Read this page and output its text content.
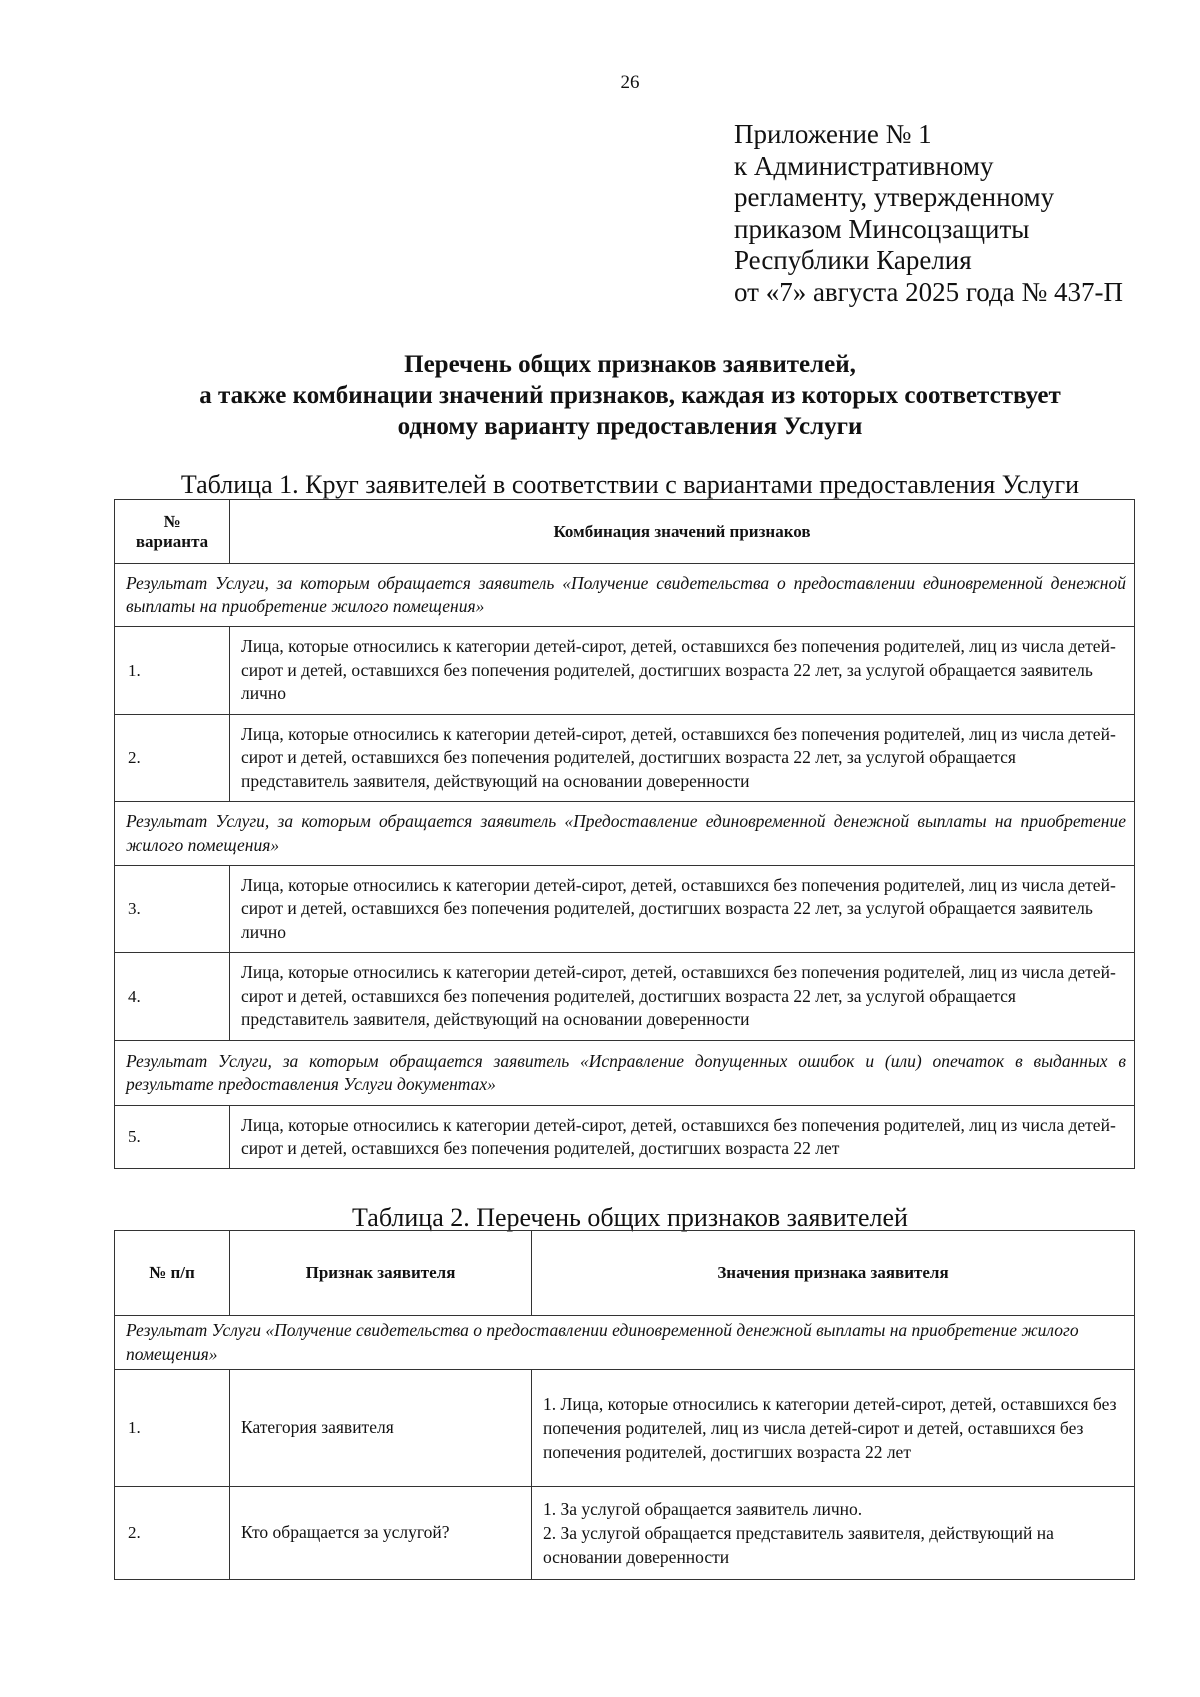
26
Приложение № 1
к Административному
регламенту, утвержденному
приказом Минсоцзащиты
Республики Карелия
от «7» августа 2025 года № 437-П
Перечень общих признаков заявителей,
а также комбинации значений признаков, каждая из которых соответствует
одному варианту предоставления Услуги
Таблица 1. Круг заявителей в соответствии с вариантами предоставления Услуги
№
варианта	Комбинация значений признаков
Результат Услуги, за которым обращается заявитель «Получение свидетельства о предоставлении единовременной денежной выплаты на приобретение жилого помещения»	
1.	Лица, которые относились к категории детей-сирот, детей, оставшихся без попечения родителей, лиц из числа детей-сирот и детей, оставшихся без попечения родителей, достигших возраста 22 лет, за услугой обращается заявитель лично
2.	Лица, которые относились к категории детей-сирот, детей, оставшихся без попечения родителей, лиц из числа детей-сирот и детей, оставшихся без попечения родителей, достигших возраста 22 лет, за услугой обращается представитель заявителя, действующий на основании доверенности
Результат Услуги, за которым обращается заявитель «Предоставление единовременной денежной выплаты на приобретение жилого помещения»	
3.	Лица, которые относились к категории детей-сирот, детей, оставшихся без попечения родителей, лиц из числа детей-сирот и детей, оставшихся без попечения родителей, достигших возраста 22 лет, за услугой обращается заявитель лично
4.	Лица, которые относились к категории детей-сирот, детей, оставшихся без попечения родителей, лиц из числа детей-сирот и детей, оставшихся без попечения родителей, достигших возраста 22 лет, за услугой обращается представитель заявителя, действующий на основании доверенности
Результат Услуги, за которым обращается заявитель «Исправление допущенных ошибок и (или) опечаток в выданных в результате предоставления Услуги документах»	
5.	Лица, которые относились к категории детей-сирот, детей, оставшихся без попечения родителей, лиц из числа детей-сирот и детей, оставшихся без попечения родителей, достигших возраста 22 лет
Таблица 2. Перечень общих признаков заявителей
№ п/п	Признак заявителя	Значения признака заявителя
Результат Услуги «Получение свидетельства о предоставлении единовременной денежной выплаты на приобретение жилого помещения»		
1.	Категория заявителя	1. Лица, которые относились к категории детей-сирот, детей, оставшихся без попечения родителей, лиц из числа детей-сирот и детей, оставшихся без попечения родителей, достигших возраста 22 лет

2.	Кто обращается за услугой?	1. За услугой обращается заявитель лично.
2. За услугой обращается представитель заявителя, действующий на основании доверенности
